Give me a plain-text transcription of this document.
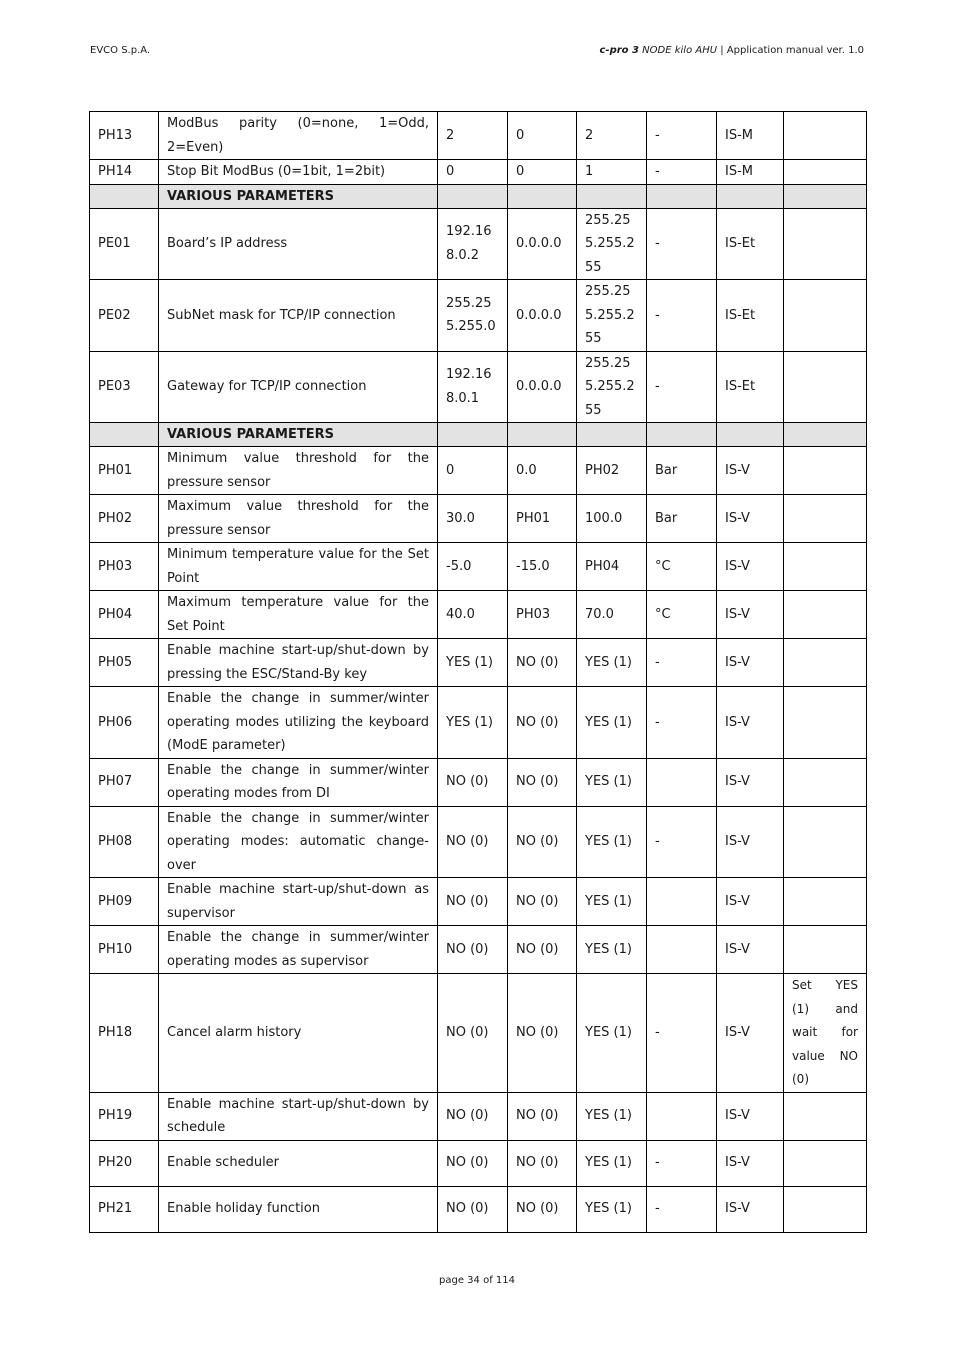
EVCO S.p.A.	c-pro 3 NODE kilo AHU | Application manual ver. 1.0
PH13	ModBus parity (0=none, 1=Odd, 2=Even)	2	0	2	-	IS-M	
PH14	Stop Bit ModBus (0=1bit, 1=2bit)	0	0	1	-	IS-M	
	VARIOUS PARAMETERS						
PE01	Board’s IP address	192.16 8.0.2	0.0.0.0	255.25 5.255.2 55	-	IS-Et	
PE02	SubNet mask for TCP/IP connection	255.25 5.255.0	0.0.0.0	255.25 5.255.2 55	-	IS-Et	
PE03	Gateway for TCP/IP connection	192.16 8.0.1	0.0.0.0	255.25 5.255.2 55	-	IS-Et	
	VARIOUS PARAMETERS						
PH01	Minimum value threshold for the pressure sensor	0	0.0	PH02	Bar	IS-V	
PH02	Maximum value threshold for the pressure sensor	30.0	PH01	100.0	Bar	IS-V	
PH03	Minimum temperature value for the Set Point	-5.0	-15.0	PH04	°C	IS-V	
PH04	Maximum temperature value for the Set Point	40.0	PH03	70.0	°C	IS-V	
PH05	Enable machine start-up/shut-down by pressing the ESC/Stand-By key	YES (1)	NO (0)	YES (1)	-	IS-V	
PH06	Enable the change in summer/winter operating modes utilizing the keyboard (ModE parameter)	YES (1)	NO (0)	YES (1)	-	IS-V	
PH07	Enable the change in summer/winter operating modes from DI	NO (0)	NO (0)	YES (1)		IS-V	
PH08	Enable the change in summer/winter operating modes: automatic change-over	NO (0)	NO (0)	YES (1)	-	IS-V	
PH09	Enable machine start-up/shut-down as supervisor	NO (0)	NO (0)	YES (1)		IS-V	
PH10	Enable the change in summer/winter operating modes as supervisor	NO (0)	NO (0)	YES (1)		IS-V	
PH18	Cancel alarm history	NO (0)	NO (0)	YES (1)	-	IS-V	Set YES (1) and wait for value NO (0)
PH19	Enable machine start-up/shut-down by schedule	NO (0)	NO (0)	YES (1)		IS-V	
PH20	Enable scheduler	NO (0)	NO (0)	YES (1)	-	IS-V	
PH21	Enable holiday function	NO (0)	NO (0)	YES (1)	-	IS-V	
page 34 of 114
